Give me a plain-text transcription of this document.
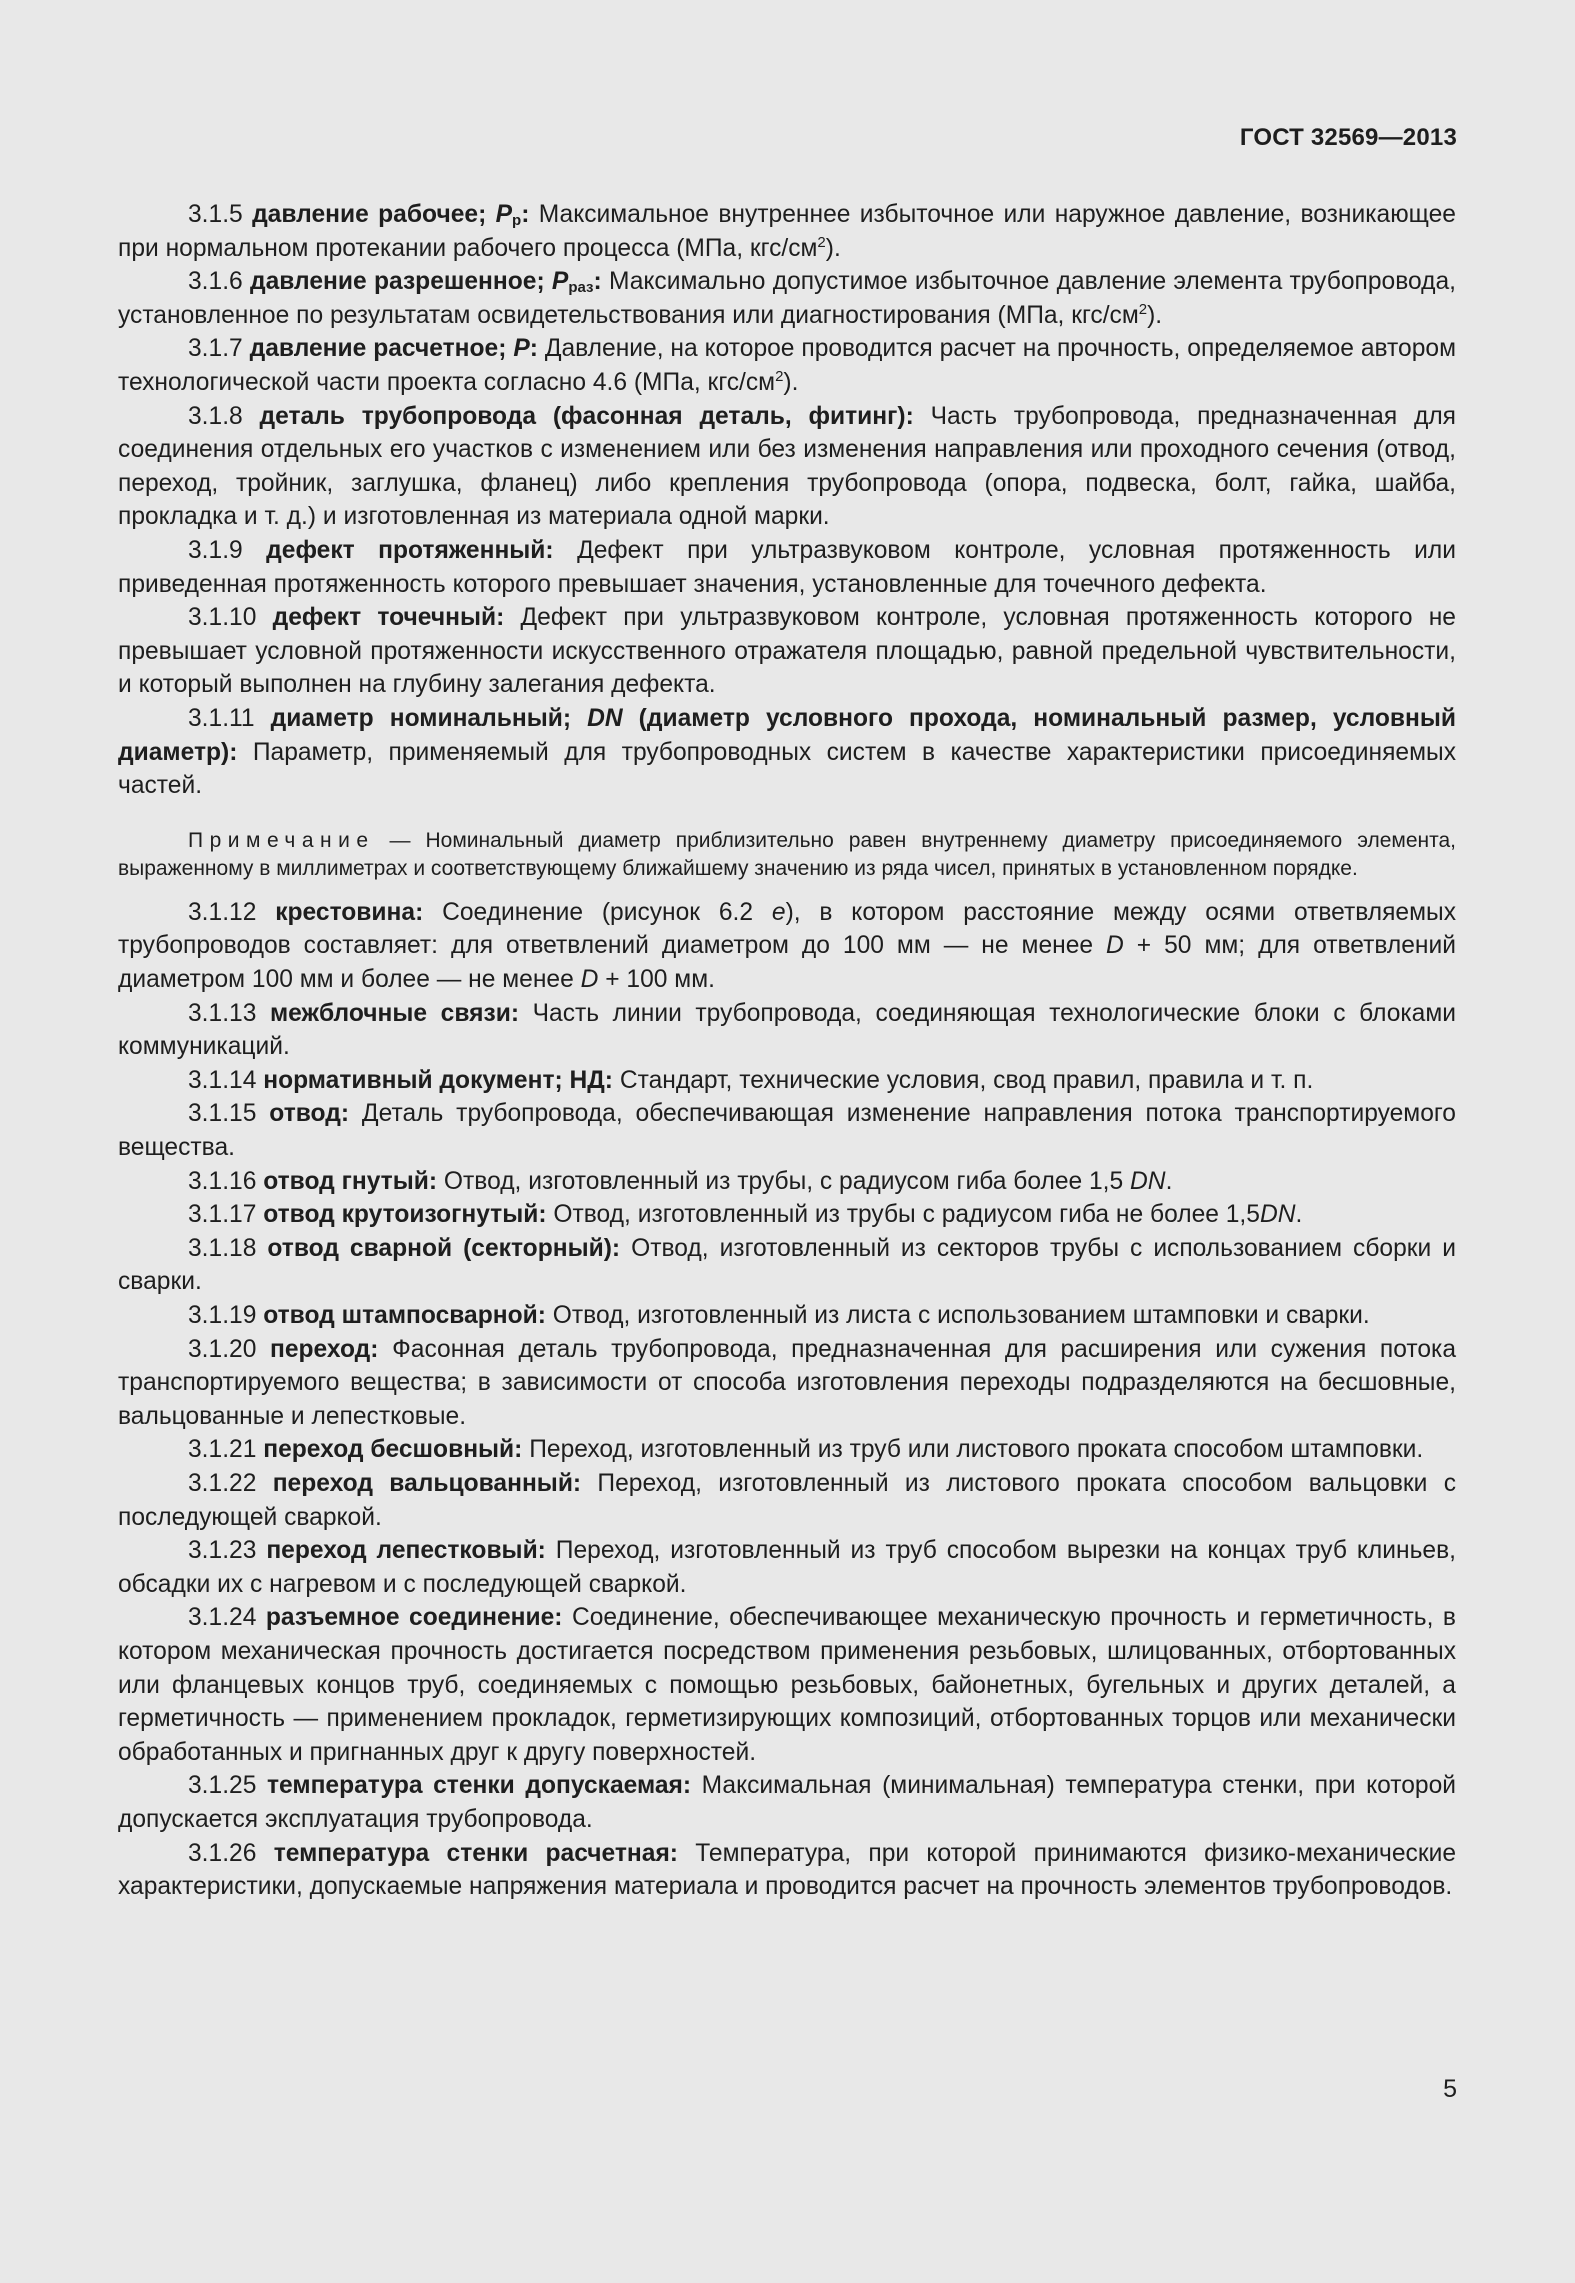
ГОСТ 32569—2013

3.1.5 давление рабочее; $P_р$: Максимальное внутреннее избыточное или наружное давление, возникающее при нормальном протекании рабочего процесса (МПа, кгс/$см^2$).

3.1.6 давление разрешенное; $P_{раз}$: Максимально допустимое избыточное давление элемента трубопровода, установленное по результатам освидетельствования или диагностирования (МПа, кгс/$см^2$).

3.1.7 давление расчетное; P: Давление, на которое проводится расчет на прочность, определяемое автором технологической части проекта согласно 4.6 (МПа, кгс/$см^2$).

3.1.8 деталь трубопровода (фасонная деталь, фитинг): Часть трубопровода, предназначенная для соединения отдельных его участков с изменением или без изменения направления или проходного сечения (отвод, переход, тройник, заглушка, фланец) либо крепления трубопровода (опора, подвеска, болт, гайка, шайба, прокладка и т. д.) и изготовленная из материала одной марки.

3.1.9 дефект протяженный: Дефект при ультразвуковом контроле, условная протяженность или приведенная протяженность которого превышает значения, установленные для точечного дефекта.

3.1.10 дефект точечный: Дефект при ультразвуковом контроле, условная протяженность которого не превышает условной протяженности искусственного отражателя площадью, равной предельной чувствительности, и который выполнен на глубину залегания дефекта.

3.1.11 диаметр номинальный; DN (диаметр условного прохода, номинальный размер, условный диаметр): Параметр, применяемый для трубопроводных систем в качестве характеристики присоединяемых частей.

Примечание — Номинальный диаметр приблизительно равен внутреннему диаметру присоединяемого элемента, выраженному в миллиметрах и соответствующему ближайшему значению из ряда чисел, принятых в установленном порядке.

3.1.12 крестовина: Соединение (рисунок 6.2 е), в котором расстояние между осями ответвляемых трубопроводов составляет: для ответвлений диаметром до 100 мм — не менее D + 50 мм; для ответвлений диаметром 100 мм и более — не менее D + 100 мм.

3.1.13 межблочные связи: Часть линии трубопровода, соединяющая технологические блоки с блоками коммуникаций.

3.1.14 нормативный документ; НД: Стандарт, технические условия, свод правил, правила и т. п.

3.1.15 отвод: Деталь трубопровода, обеспечивающая изменение направления потока транспортируемого вещества.

3.1.16 отвод гнутый: Отвод, изготовленный из трубы, с радиусом гиба более 1,5 DN.

3.1.17 отвод крутоизогнутый: Отвод, изготовленный из трубы с радиусом гиба не более 1,5DN.

3.1.18 отвод сварной (секторный): Отвод, изготовленный из секторов трубы с использованием сборки и сварки.

3.1.19 отвод штампосварной: Отвод, изготовленный из листа с использованием штамповки и сварки.

3.1.20 переход: Фасонная деталь трубопровода, предназначенная для расширения или сужения потока транспортируемого вещества; в зависимости от способа изготовления переходы подразделяются на бесшовные, вальцованные и лепестковые.

3.1.21 переход бесшовный: Переход, изготовленный из труб или листового проката способом штамповки.

3.1.22 переход вальцованный: Переход, изготовленный из листового проката способом вальцовки с последующей сваркой.

3.1.23 переход лепестковый: Переход, изготовленный из труб способом вырезки на концах труб клиньев, обсадки их с нагревом и с последующей сваркой.

3.1.24 разъемное соединение: Соединение, обеспечивающее механическую прочность и герметичность, в котором механическая прочность достигается посредством применения резьбовых, шлицованных, отбортованных или фланцевых концов труб, соединяемых с помощью резьбовых, байонетных, бугельных и других деталей, а герметичность — применением прокладок, герметизирующих композиций, отбортованных торцов или механически обработанных и пригнанных друг к другу поверхностей.

3.1.25 температура стенки допускаемая: Максимальная (минимальная) температура стенки, при которой допускается эксплуатация трубопровода.

3.1.26 температура стенки расчетная: Температура, при которой принимаются физико-механические характеристики, допускаемые напряжения материала и проводится расчет на прочность элементов трубопроводов.

5
